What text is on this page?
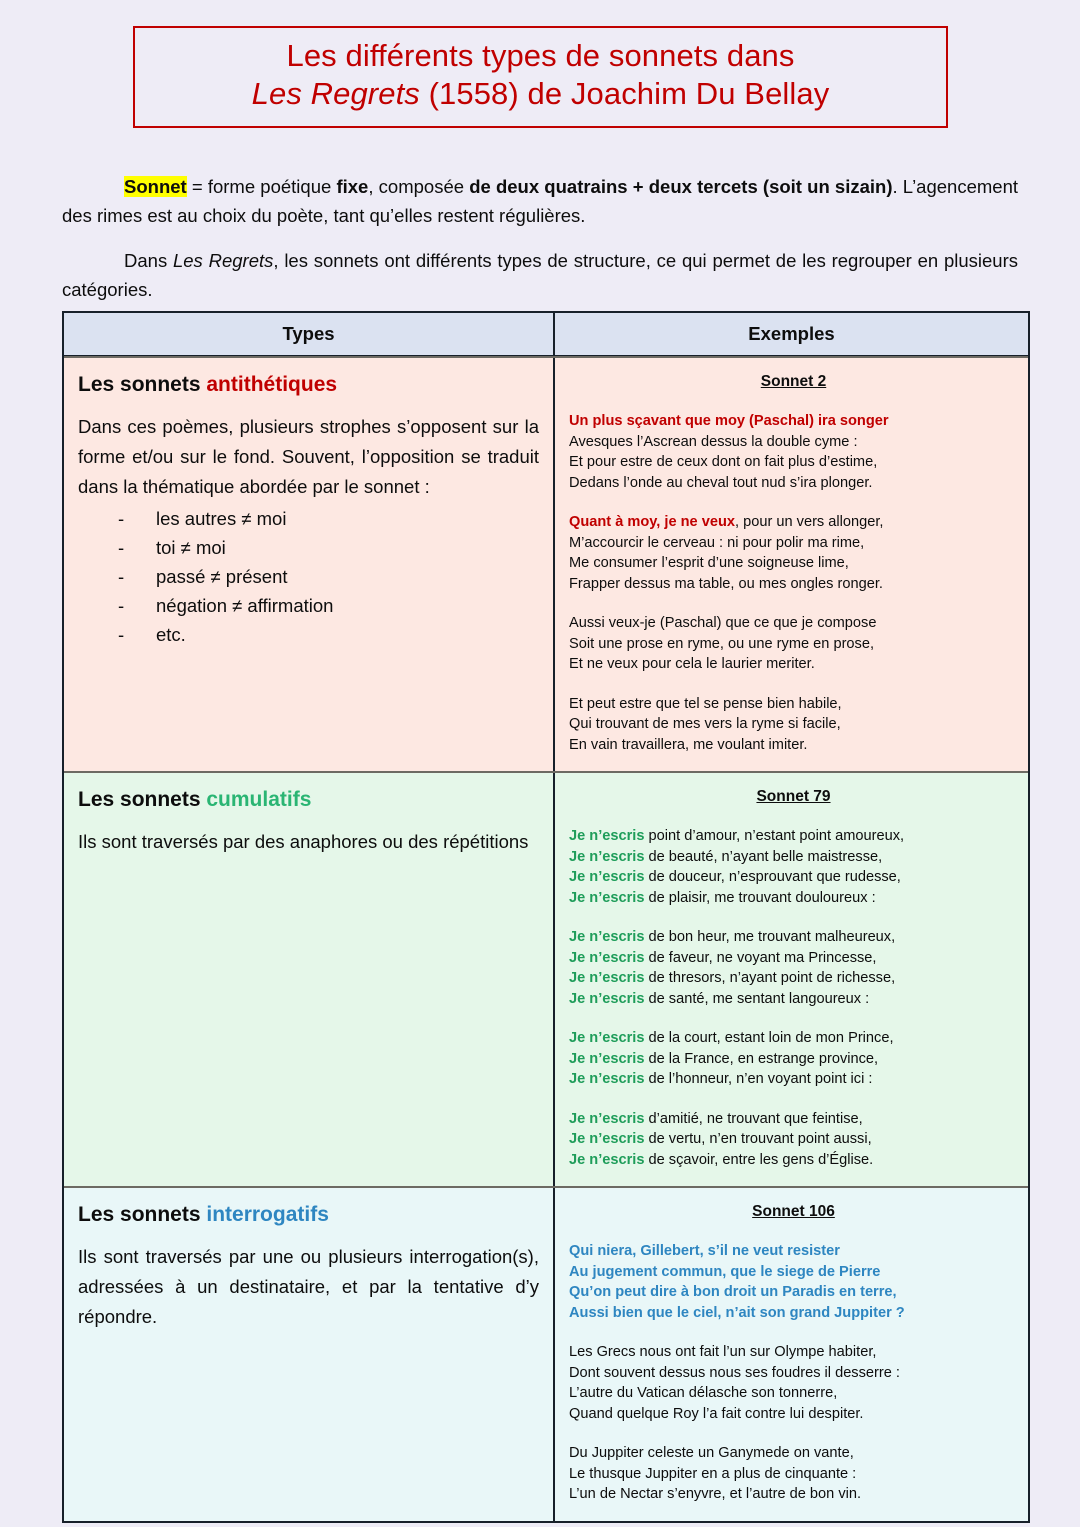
Les différents types de sonnets dans
Les Regrets (1558) de Joachim Du Bellay

Sonnet = forme poétique fixe, composée de deux quatrains + deux tercets (soit un sizain). L’agencement des rimes est au choix du poète, tant qu’elles restent régulières.

Dans Les Regrets, les sonnets ont différents types de structure, ce qui permet de les regrouper en plusieurs catégories.

Types	Exemples
Les sonnets antithétiques

Dans ces poèmes, plusieurs strophes s’opposent sur la forme et/ou sur le fond. Souvent, l’opposition se traduit dans la thématique abordée par le sonnet :

- les autres ≠ moi
- toi ≠ moi
- passé ≠ présent
- négation ≠ affirmation
- etc.
Sonnet 2
Un plus sçavant que moy (Paschal) ira songer
Avesques l’Ascrean dessus la double cyme :
Et pour estre de ceux dont on fait plus d’estime,
Dedans l’onde au cheval tout nud s’ira plonger.
Quant à moy, je ne veux, pour un vers allonger,
M’accourcir le cerveau : ni pour polir ma rime,
Me consumer l’esprit d’une soigneuse lime,
Frapper dessus ma table, ou mes ongles ronger.
Aussi veux-je (Paschal) que ce que je compose
Soit une prose en ryme, ou une ryme en prose,
Et ne veux pour cela le laurier meriter.
Et peut estre que tel se pense bien habile,
Qui trouvant de mes vers la ryme si facile,
En vain travaillera, me voulant imiter.
Les sonnets cumulatifs

Ils sont traversés par des anaphores ou des répétitions

Sonnet 79
Je n’escris point d’amour, n’estant point amoureux,
Je n’escris de beauté, n’ayant belle maistresse,
Je n’escris de douceur, n’esprouvant que rudesse,
Je n’escris de plaisir, me trouvant douloureux :
Je n’escris de bon heur, me trouvant malheureux,
Je n’escris de faveur, ne voyant ma Princesse,
Je n’escris de thresors, n’ayant point de richesse,
Je n’escris de santé, me sentant langoureux :
Je n’escris de la court, estant loin de mon Prince,
Je n’escris de la France, en estrange province,
Je n’escris de l’honneur, n’en voyant point ici :
Je n’escris d’amitié, ne trouvant que feintise,
Je n’escris de vertu, n’en trouvant point aussi,
Je n’escris de sçavoir, entre les gens d’Église.
Les sonnets interrogatifs

Ils sont traversés par une ou plusieurs interrogation(s), adressées à un destinataire, et par la tentative d’y répondre.

Sonnet 106
Qui niera, Gillebert, s’il ne veut resister
Au jugement commun, que le siege de Pierre
Qu’on peut dire à bon droit un Paradis en terre,
Aussi bien que le ciel, n’ait son grand Juppiter ?
Les Grecs nous ont fait l’un sur Olympe habiter,
Dont souvent dessus nous ses foudres il desserre :
L’autre du Vatican délasche son tonnerre,
Quand quelque Roy l’a fait contre lui despiter.
Du Juppiter celeste un Ganymede on vante,
Le thusque Juppiter en a plus de cinquante :
L’un de Nectar s’enyvre, et l’autre de bon vin.
